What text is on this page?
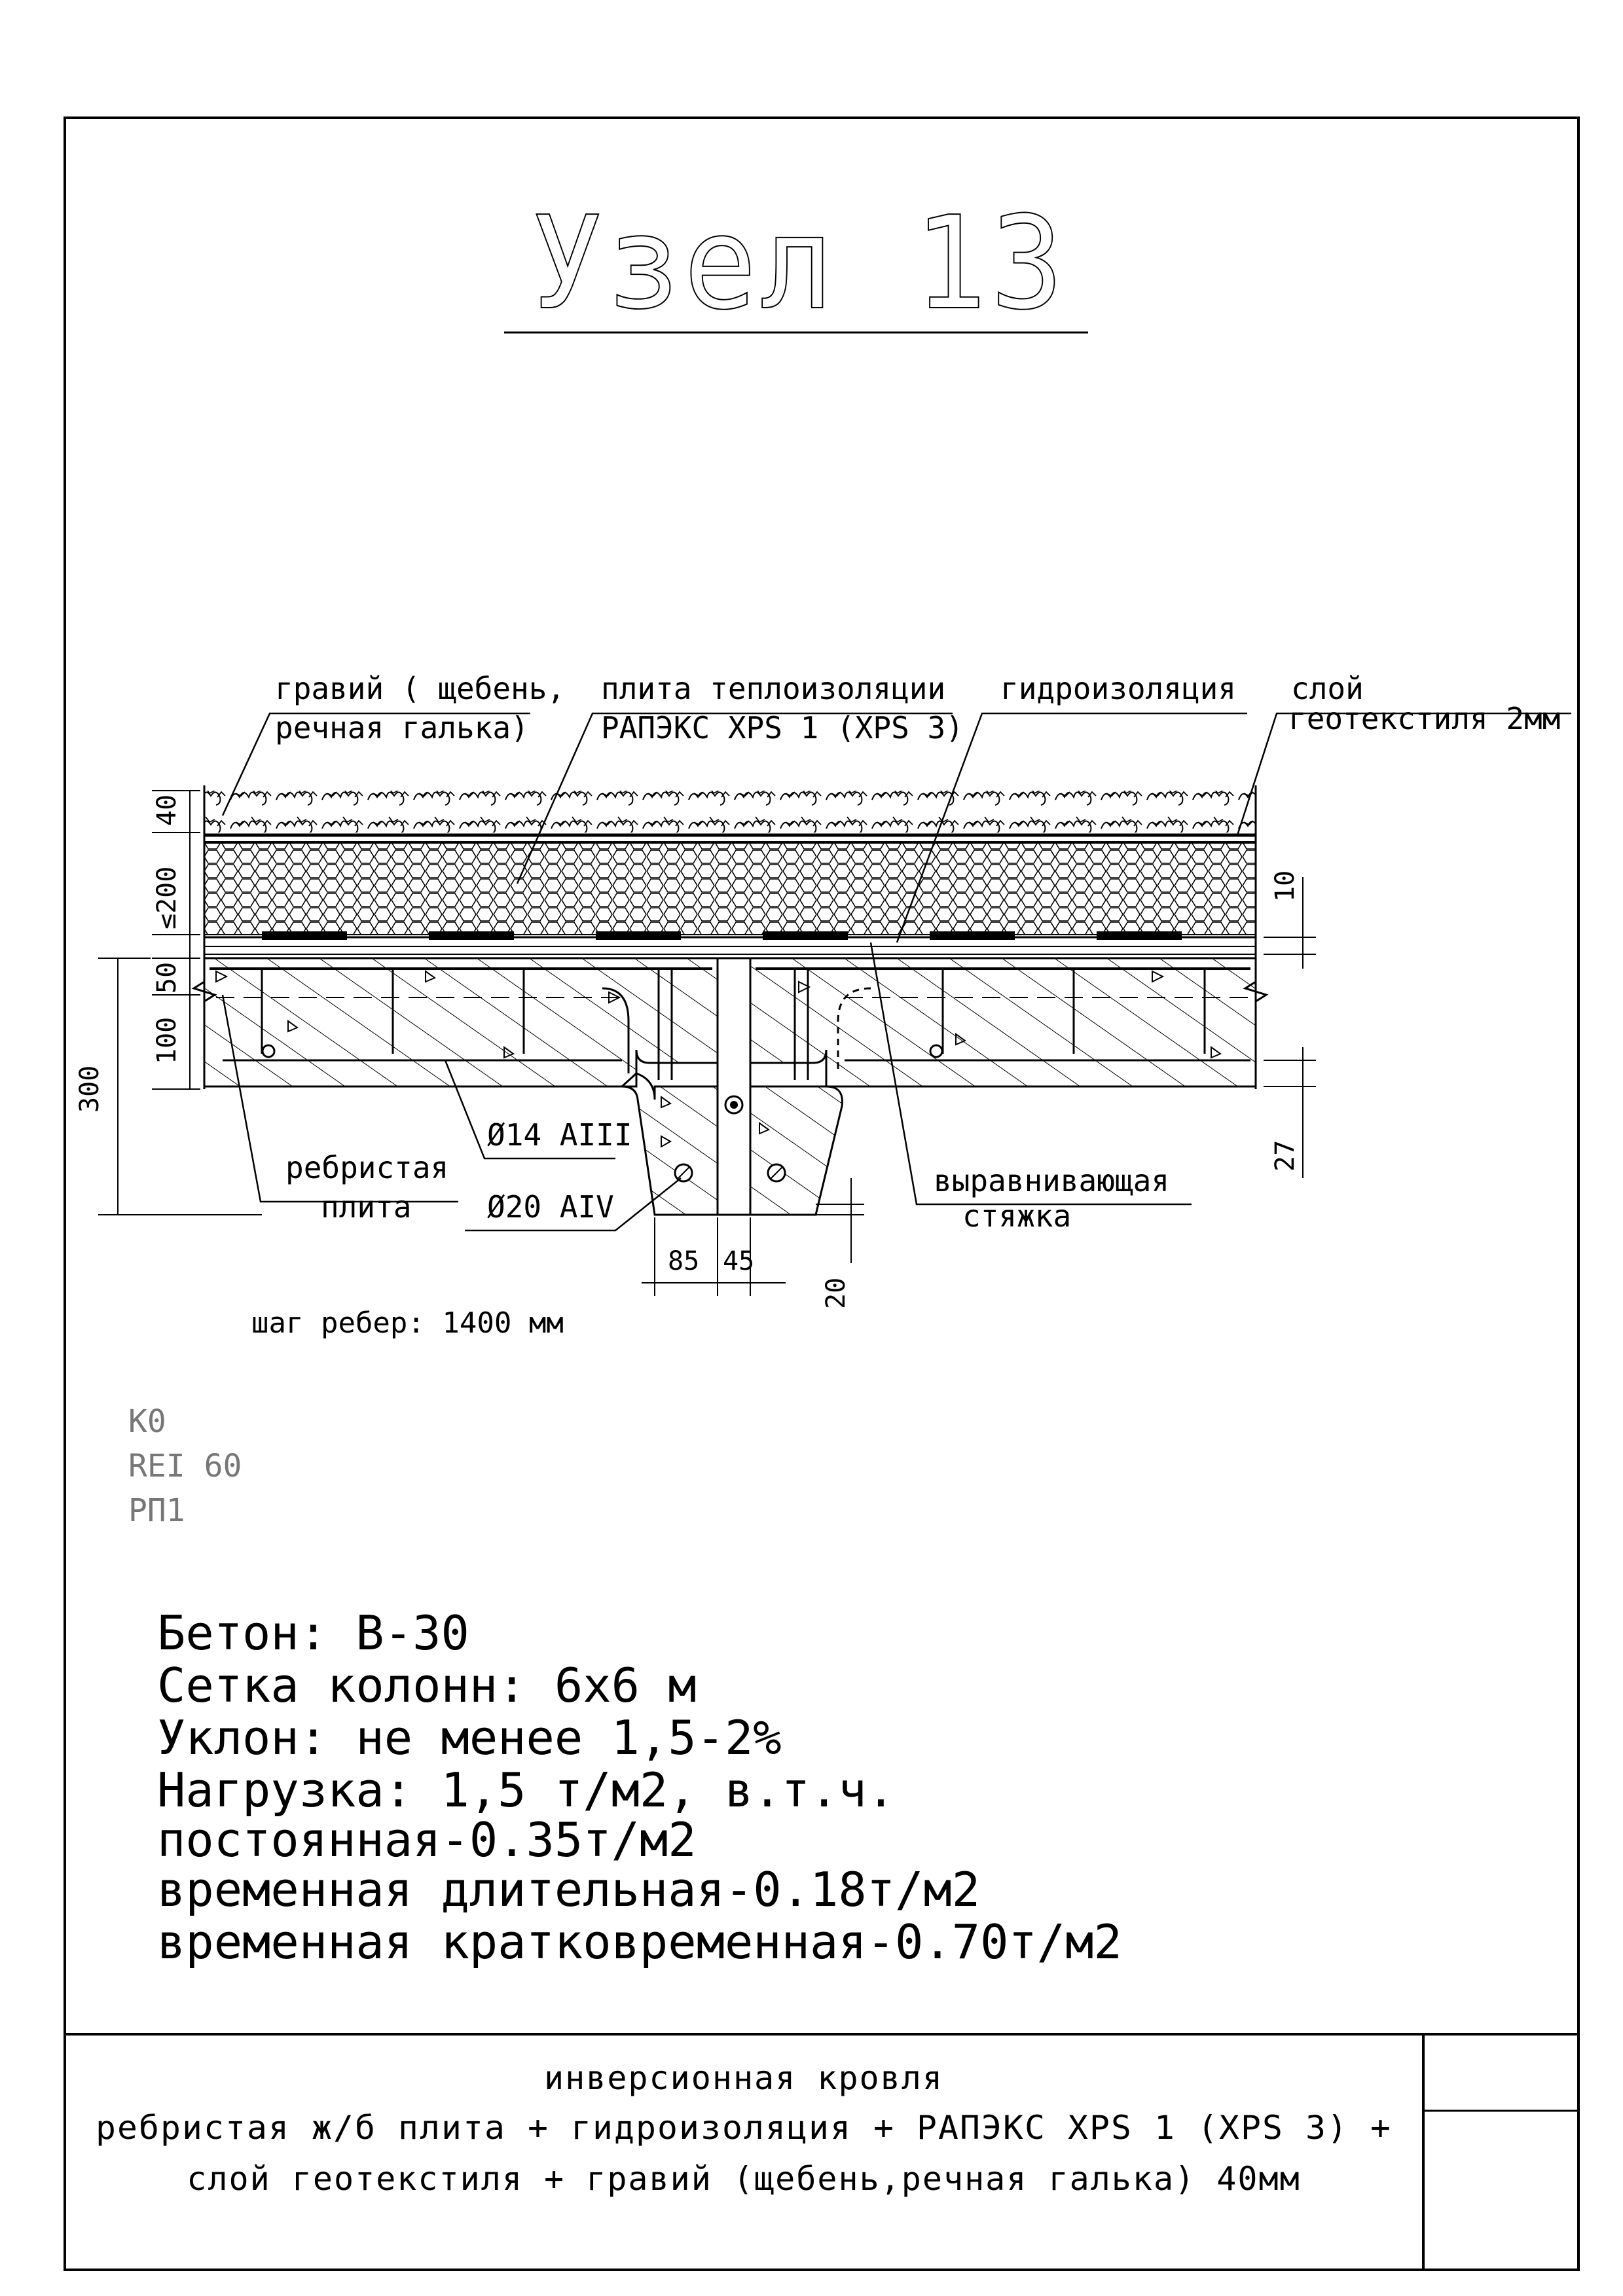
Узел 13
40
≤200
50
100
300
10
27
85 45
20
гравий ( щебень,
речная галька)
плита теплоизоляции
РАПЭКС XPS 1 (XPS 3)
гидроизоляция слой
геотекстиля 2мм
ребристая
плита
Ø14 AIII
Ø20 AIV
выравнивающая
стяжка
шаг ребер: 1400 мм
K0
REI 60
РП1
Бетон: B-30
Сетка колонн: 6х6 м
Уклон: не менее 1,5-2%
Нагрузка: 1,5 т/м2, в.т.ч.
постоянная-0.35т/м2
временная длительная-0.18т/м2
временная кратковременная-0.70т/м2
инверсионная кровля
ребристая ж/б плита + гидроизоляция + РАПЭКС XPS 1 (XPS 3) +
слой геотекстиля + гравий (щебень,речная галька) 40мм
